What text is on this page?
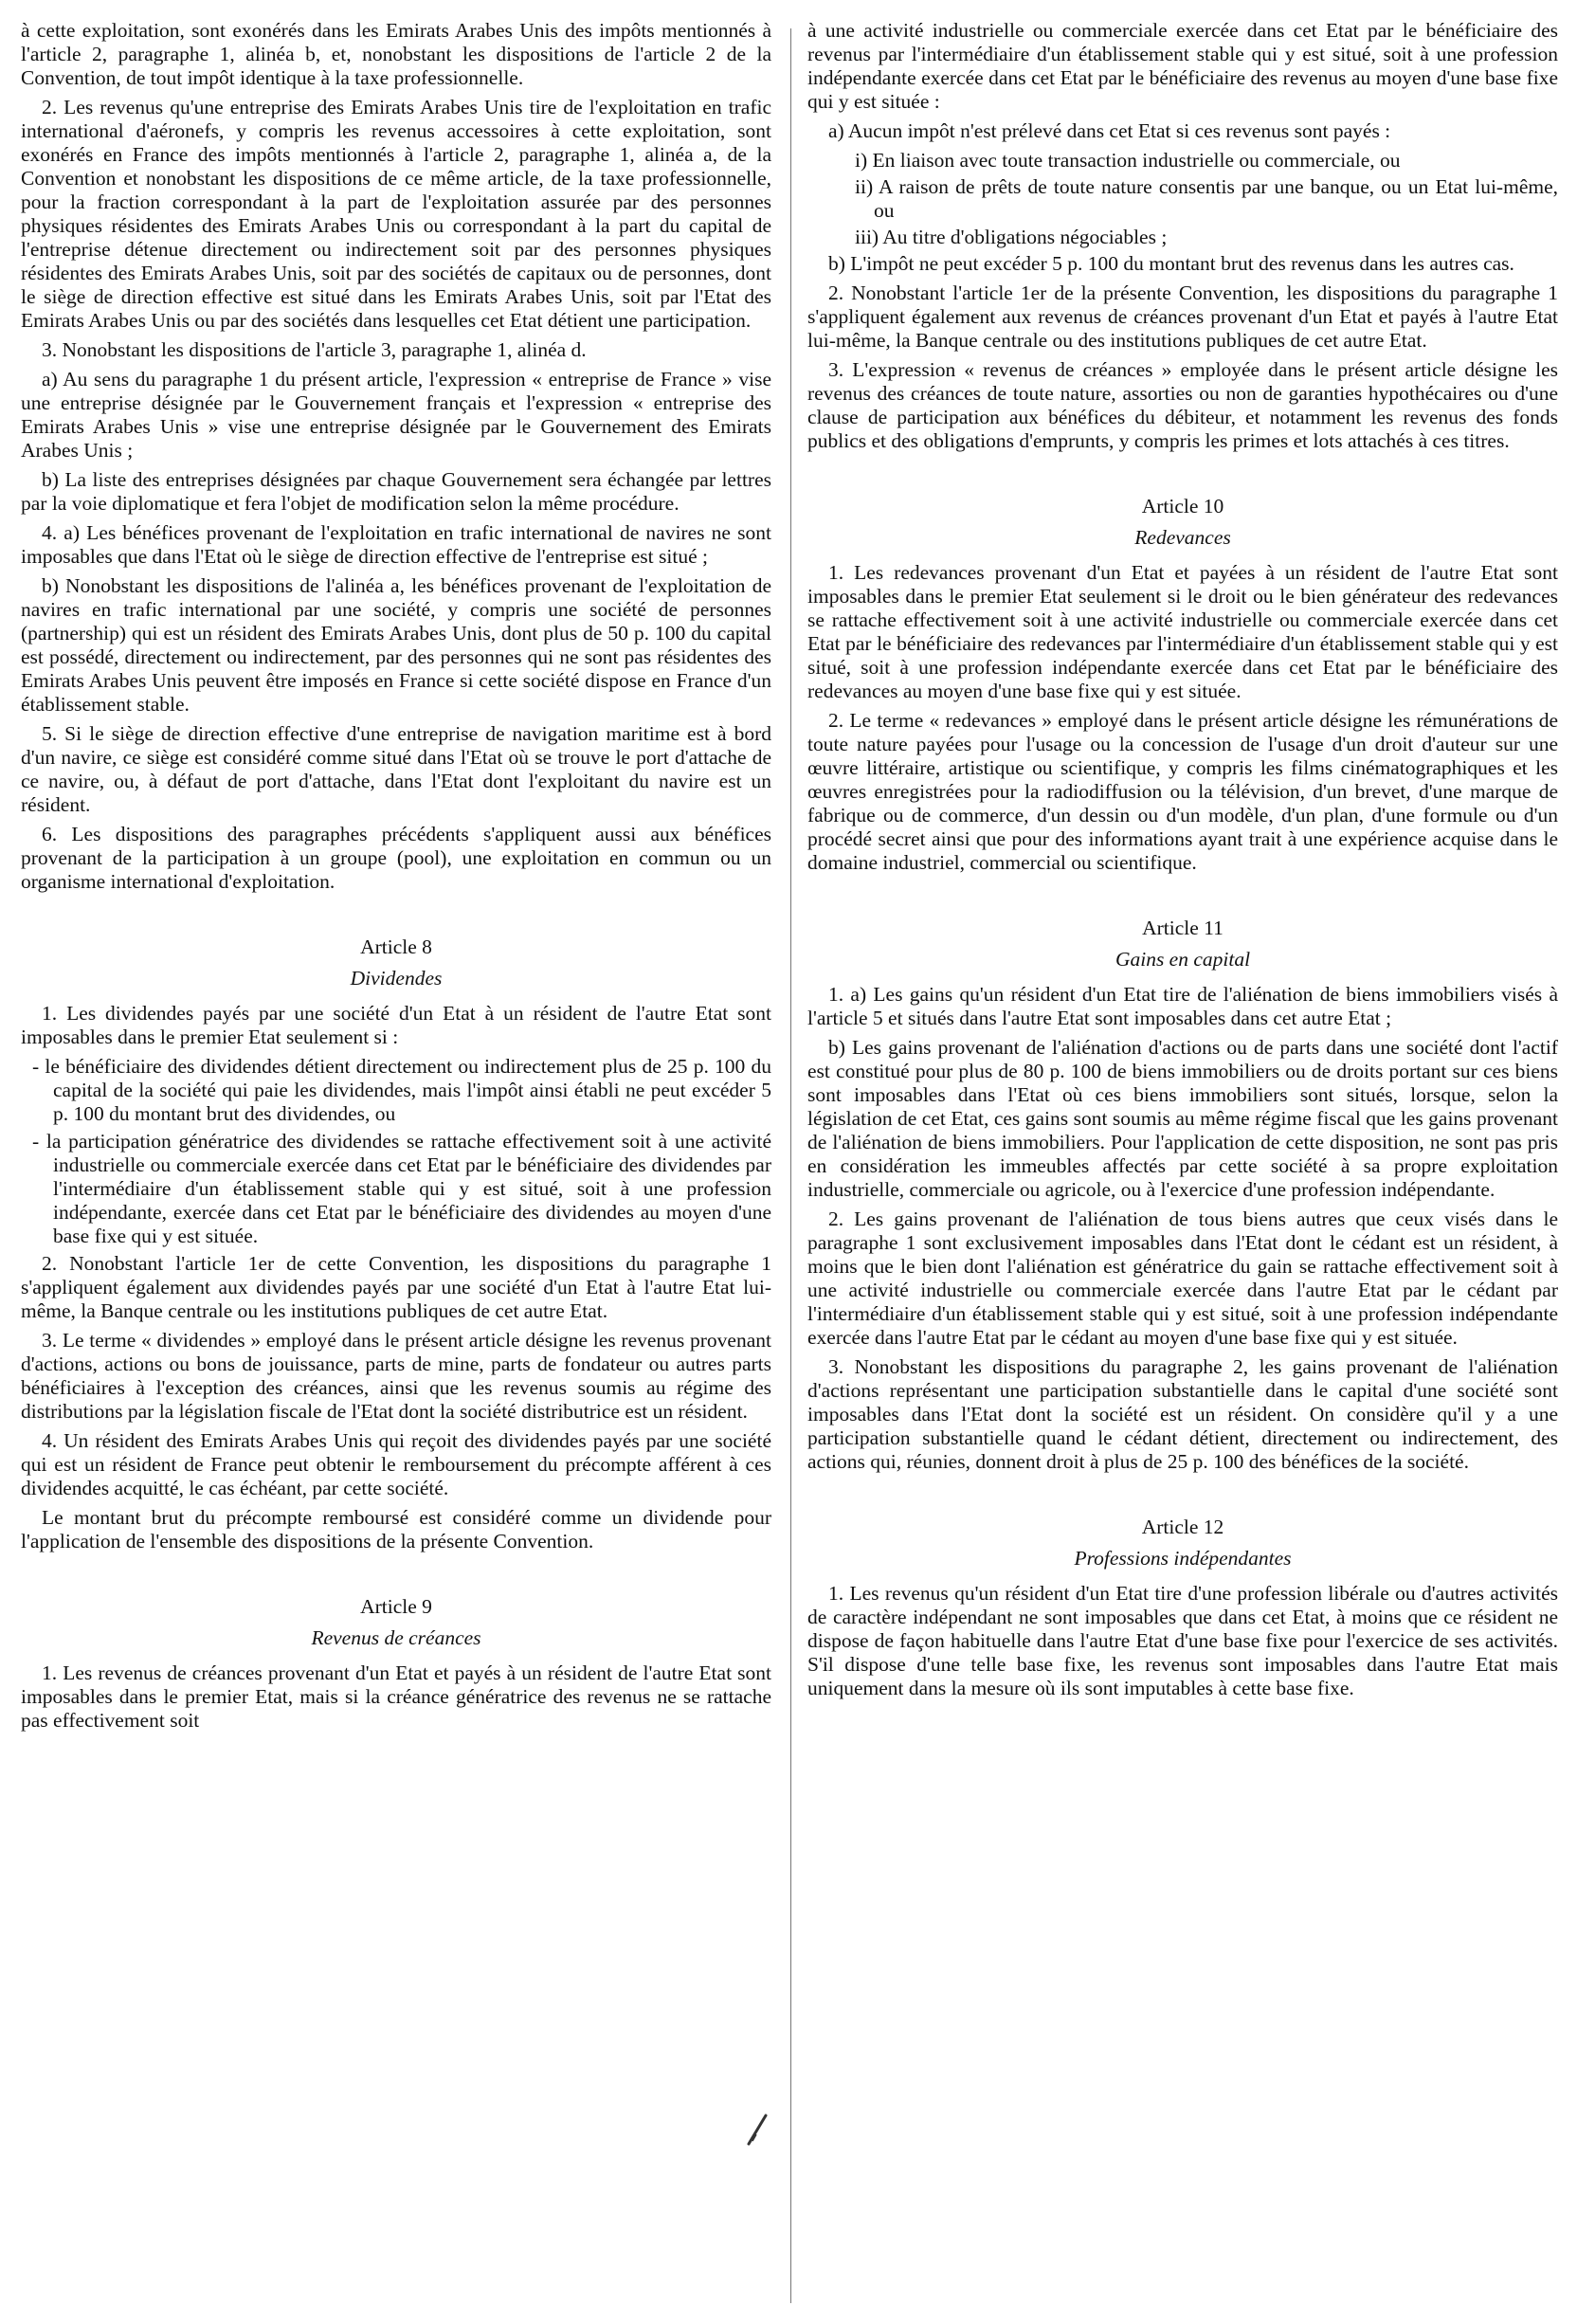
à cette exploitation, sont exonérés dans les Emirats Arabes Unis des impôts mentionnés à l'article 2, paragraphe 1, alinéa b, et, nonobstant les dispositions de l'article 2 de la Convention, de tout impôt identique à la taxe professionnelle.

2. Les revenus qu'une entreprise des Emirats Arabes Unis tire de l'exploitation en trafic international d'aéronefs, y compris les revenus accessoires à cette exploitation, sont exonérés en France des impôts mentionnés à l'article 2, paragraphe 1, alinéa a, de la Convention et nonobstant les dispositions de ce même article, de la taxe professionnelle, pour la fraction correspondant à la part de l'exploitation assurée par des personnes physiques résidentes des Emirats Arabes Unis ou correspondant à la part du capital de l'entreprise détenue directement ou indirectement soit par des personnes physiques résidentes des Emirats Arabes Unis, soit par des sociétés de capitaux ou de personnes, dont le siège de direction effective est situé dans les Emirats Arabes Unis, soit par l'Etat des Emirats Arabes Unis ou par des sociétés dans lesquelles cet Etat détient une participation.

3. Nonobstant les dispositions de l'article 3, paragraphe 1, alinéa d.

a) Au sens du paragraphe 1 du présent article, l'expression « entreprise de France » vise une entreprise désignée par le Gouvernement français et l'expression « entreprise des Emirats Arabes Unis » vise une entreprise désignée par le Gouvernement des Emirats Arabes Unis ;

b) La liste des entreprises désignées par chaque Gouvernement sera échangée par lettres par la voie diplomatique et fera l'objet de modification selon la même procédure.

4. a) Les bénéfices provenant de l'exploitation en trafic international de navires ne sont imposables que dans l'Etat où le siège de direction effective de l'entreprise est situé ;

b) Nonobstant les dispositions de l'alinéa a, les bénéfices provenant de l'exploitation de navires en trafic international par une société, y compris une société de personnes (partnership) qui est un résident des Emirats Arabes Unis, dont plus de 50 p. 100 du capital est possédé, directement ou indirectement, par des personnes qui ne sont pas résidentes des Emirats Arabes Unis peuvent être imposés en France si cette société dispose en France d'un établissement stable.

5. Si le siège de direction effective d'une entreprise de navigation maritime est à bord d'un navire, ce siège est considéré comme situé dans l'Etat où se trouve le port d'attache de ce navire, ou, à défaut de port d'attache, dans l'Etat dont l'exploitant du navire est un résident.

6. Les dispositions des paragraphes précédents s'appliquent aussi aux bénéfices provenant de la participation à un groupe (pool), une exploitation en commun ou un organisme international d'exploitation.

Article 8

Dividendes

1. Les dividendes payés par une société d'un Etat à un résident de l'autre Etat sont imposables dans le premier Etat seulement si :

- le bénéficiaire des dividendes détient directement ou indirectement plus de 25 p. 100 du capital de la société qui paie les dividendes, mais l'impôt ainsi établi ne peut excéder 5 p. 100 du montant brut des dividendes, ou

- la participation génératrice des dividendes se rattache effectivement soit à une activité industrielle ou commerciale exercée dans cet Etat par le bénéficiaire des dividendes par l'intermédiaire d'un établissement stable qui y est situé, soit à une profession indépendante, exercée dans cet Etat par le bénéficiaire des dividendes au moyen d'une base fixe qui y est située.

2. Nonobstant l'article 1er de cette Convention, les dispositions du paragraphe 1 s'appliquent également aux dividendes payés par une société d'un Etat à l'autre Etat lui-même, la Banque centrale ou les institutions publiques de cet autre Etat.

3. Le terme « dividendes » employé dans le présent article désigne les revenus provenant d'actions, actions ou bons de jouissance, parts de mine, parts de fondateur ou autres parts bénéficiaires à l'exception des créances, ainsi que les revenus soumis au régime des distributions par la législation fiscale de l'Etat dont la société distributrice est un résident.

4. Un résident des Emirats Arabes Unis qui reçoit des dividendes payés par une société qui est un résident de France peut obtenir le remboursement du précompte afférent à ces dividendes acquitté, le cas échéant, par cette société.

Le montant brut du précompte remboursé est considéré comme un dividende pour l'application de l'ensemble des dispositions de la présente Convention.

Article 9

Revenus de créances

1. Les revenus de créances provenant d'un Etat et payés à un résident de l'autre Etat sont imposables dans le premier Etat, mais si la créance génératrice des revenus ne se rattache pas effectivement soit

à une activité industrielle ou commerciale exercée dans cet Etat par le bénéficiaire des revenus par l'intermédiaire d'un établissement stable qui y est situé, soit à une profession indépendante exercée dans cet Etat par le bénéficiaire des revenus au moyen d'une base fixe qui y est située :

a) Aucun impôt n'est prélevé dans cet Etat si ces revenus sont payés :

i) En liaison avec toute transaction industrielle ou commerciale, ou

ii) A raison de prêts de toute nature consentis par une banque, ou un Etat lui-même, ou

iii) Au titre d'obligations négociables ;

b) L'impôt ne peut excéder 5 p. 100 du montant brut des revenus dans les autres cas.

2. Nonobstant l'article 1er de la présente Convention, les dispositions du paragraphe 1 s'appliquent également aux revenus de créances provenant d'un Etat et payés à l'autre Etat lui-même, la Banque centrale ou des institutions publiques de cet autre Etat.

3. L'expression « revenus de créances » employée dans le présent article désigne les revenus des créances de toute nature, assorties ou non de garanties hypothécaires ou d'une clause de participation aux bénéfices du débiteur, et notamment les revenus des fonds publics et des obligations d'emprunts, y compris les primes et lots attachés à ces titres.

Article 10

Redevances

1. Les redevances provenant d'un Etat et payées à un résident de l'autre Etat sont imposables dans le premier Etat seulement si le droit ou le bien générateur des redevances se rattache effectivement soit à une activité industrielle ou commerciale exercée dans cet Etat par le bénéficiaire des redevances par l'intermédiaire d'un établissement stable qui y est situé, soit à une profession indépendante exercée dans cet Etat par le bénéficiaire des redevances au moyen d'une base fixe qui y est située.

2. Le terme « redevances » employé dans le présent article désigne les rémunérations de toute nature payées pour l'usage ou la concession de l'usage d'un droit d'auteur sur une œuvre littéraire, artistique ou scientifique, y compris les films cinématographiques et les œuvres enregistrées pour la radiodiffusion ou la télévision, d'un brevet, d'une marque de fabrique ou de commerce, d'un dessin ou d'un modèle, d'un plan, d'une formule ou d'un procédé secret ainsi que pour des informations ayant trait à une expérience acquise dans le domaine industriel, commercial ou scientifique.

Article 11

Gains en capital

1. a) Les gains qu'un résident d'un Etat tire de l'aliénation de biens immobiliers visés à l'article 5 et situés dans l'autre Etat sont imposables dans cet autre Etat ;

b) Les gains provenant de l'aliénation d'actions ou de parts dans une société dont l'actif est constitué pour plus de 80 p. 100 de biens immobiliers ou de droits portant sur ces biens sont imposables dans l'Etat où ces biens immobiliers sont situés, lorsque, selon la législation de cet Etat, ces gains sont soumis au même régime fiscal que les gains provenant de l'aliénation de biens immobiliers. Pour l'application de cette disposition, ne sont pas pris en considération les immeubles affectés par cette société à sa propre exploitation industrielle, commerciale ou agricole, ou à l'exercice d'une profession indépendante.

2. Les gains provenant de l'aliénation de tous biens autres que ceux visés dans le paragraphe 1 sont exclusivement imposables dans l'Etat dont le cédant est un résident, à moins que le bien dont l'aliénation est génératrice du gain se rattache effectivement soit à une activité industrielle ou commerciale exercée dans l'autre Etat par le cédant par l'intermédiaire d'un établissement stable qui y est situé, soit à une profession indépendante exercée dans l'autre Etat par le cédant au moyen d'une base fixe qui y est située.

3. Nonobstant les dispositions du paragraphe 2, les gains provenant de l'aliénation d'actions représentant une participation substantielle dans le capital d'une société sont imposables dans l'Etat dont la société est un résident. On considère qu'il y a une participation substantielle quand le cédant détient, directement ou indirectement, des actions qui, réunies, donnent droit à plus de 25 p. 100 des bénéfices de la société.

Article 12

Professions indépendantes

1. Les revenus qu'un résident d'un Etat tire d'une profession libérale ou d'autres activités de caractère indépendant ne sont imposables que dans cet Etat, à moins que ce résident ne dispose de façon habituelle dans l'autre Etat d'une base fixe pour l'exercice de ses activités. S'il dispose d'une telle base fixe, les revenus sont imposables dans l'autre Etat mais uniquement dans la mesure où ils sont imputables à cette base fixe.
